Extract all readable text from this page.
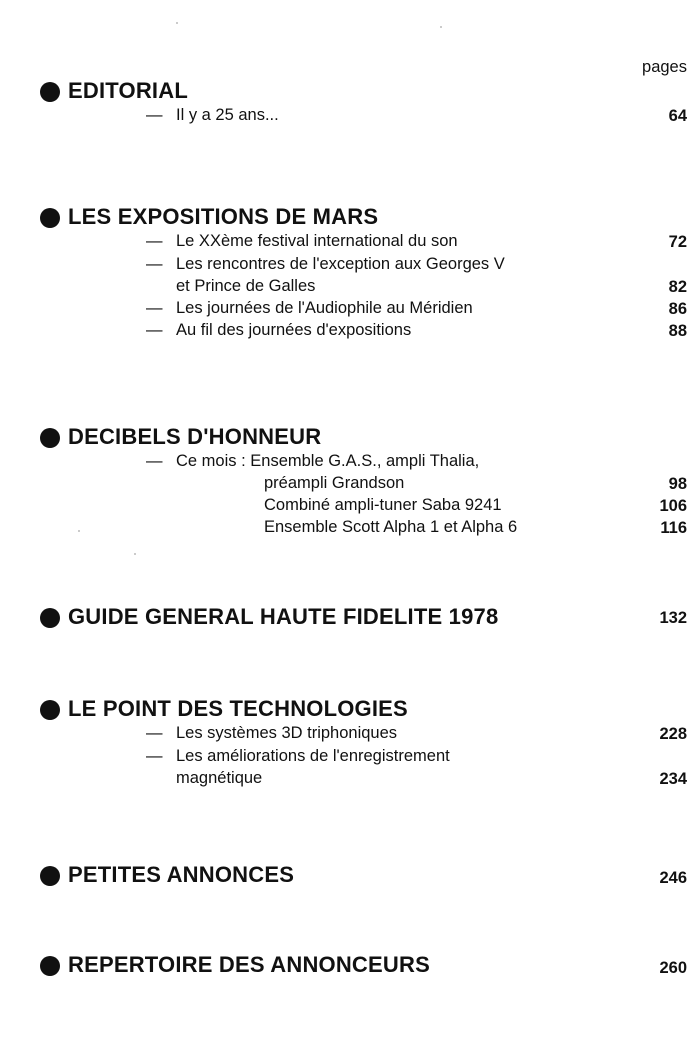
pages
EDITORIAL
— Il y a 25 ans...	64
LES EXPOSITIONS DE MARS
— Le XXème festival international du son	72
— Les rencontres de l'exception aux Georges V
et Prince de Galles	82
— Les journées de l'Audiophile au Méridien	86
— Au fil des journées d'expositions	88
DECIBELS D'HONNEUR
— Ce mois : Ensemble G.A.S., ampli Thalia,
préampli Grandson	98
Combiné ampli-tuner Saba 9241	106
Ensemble Scott Alpha 1 et Alpha 6	116
GUIDE GENERAL HAUTE FIDELITE 1978	132
LE POINT DES TECHNOLOGIES
— Les systèmes 3D triphoniques	228
— Les améliorations de l'enregistrement
magnétique	234
PETITES ANNONCES	246
REPERTOIRE DES ANNONCEURS	260
